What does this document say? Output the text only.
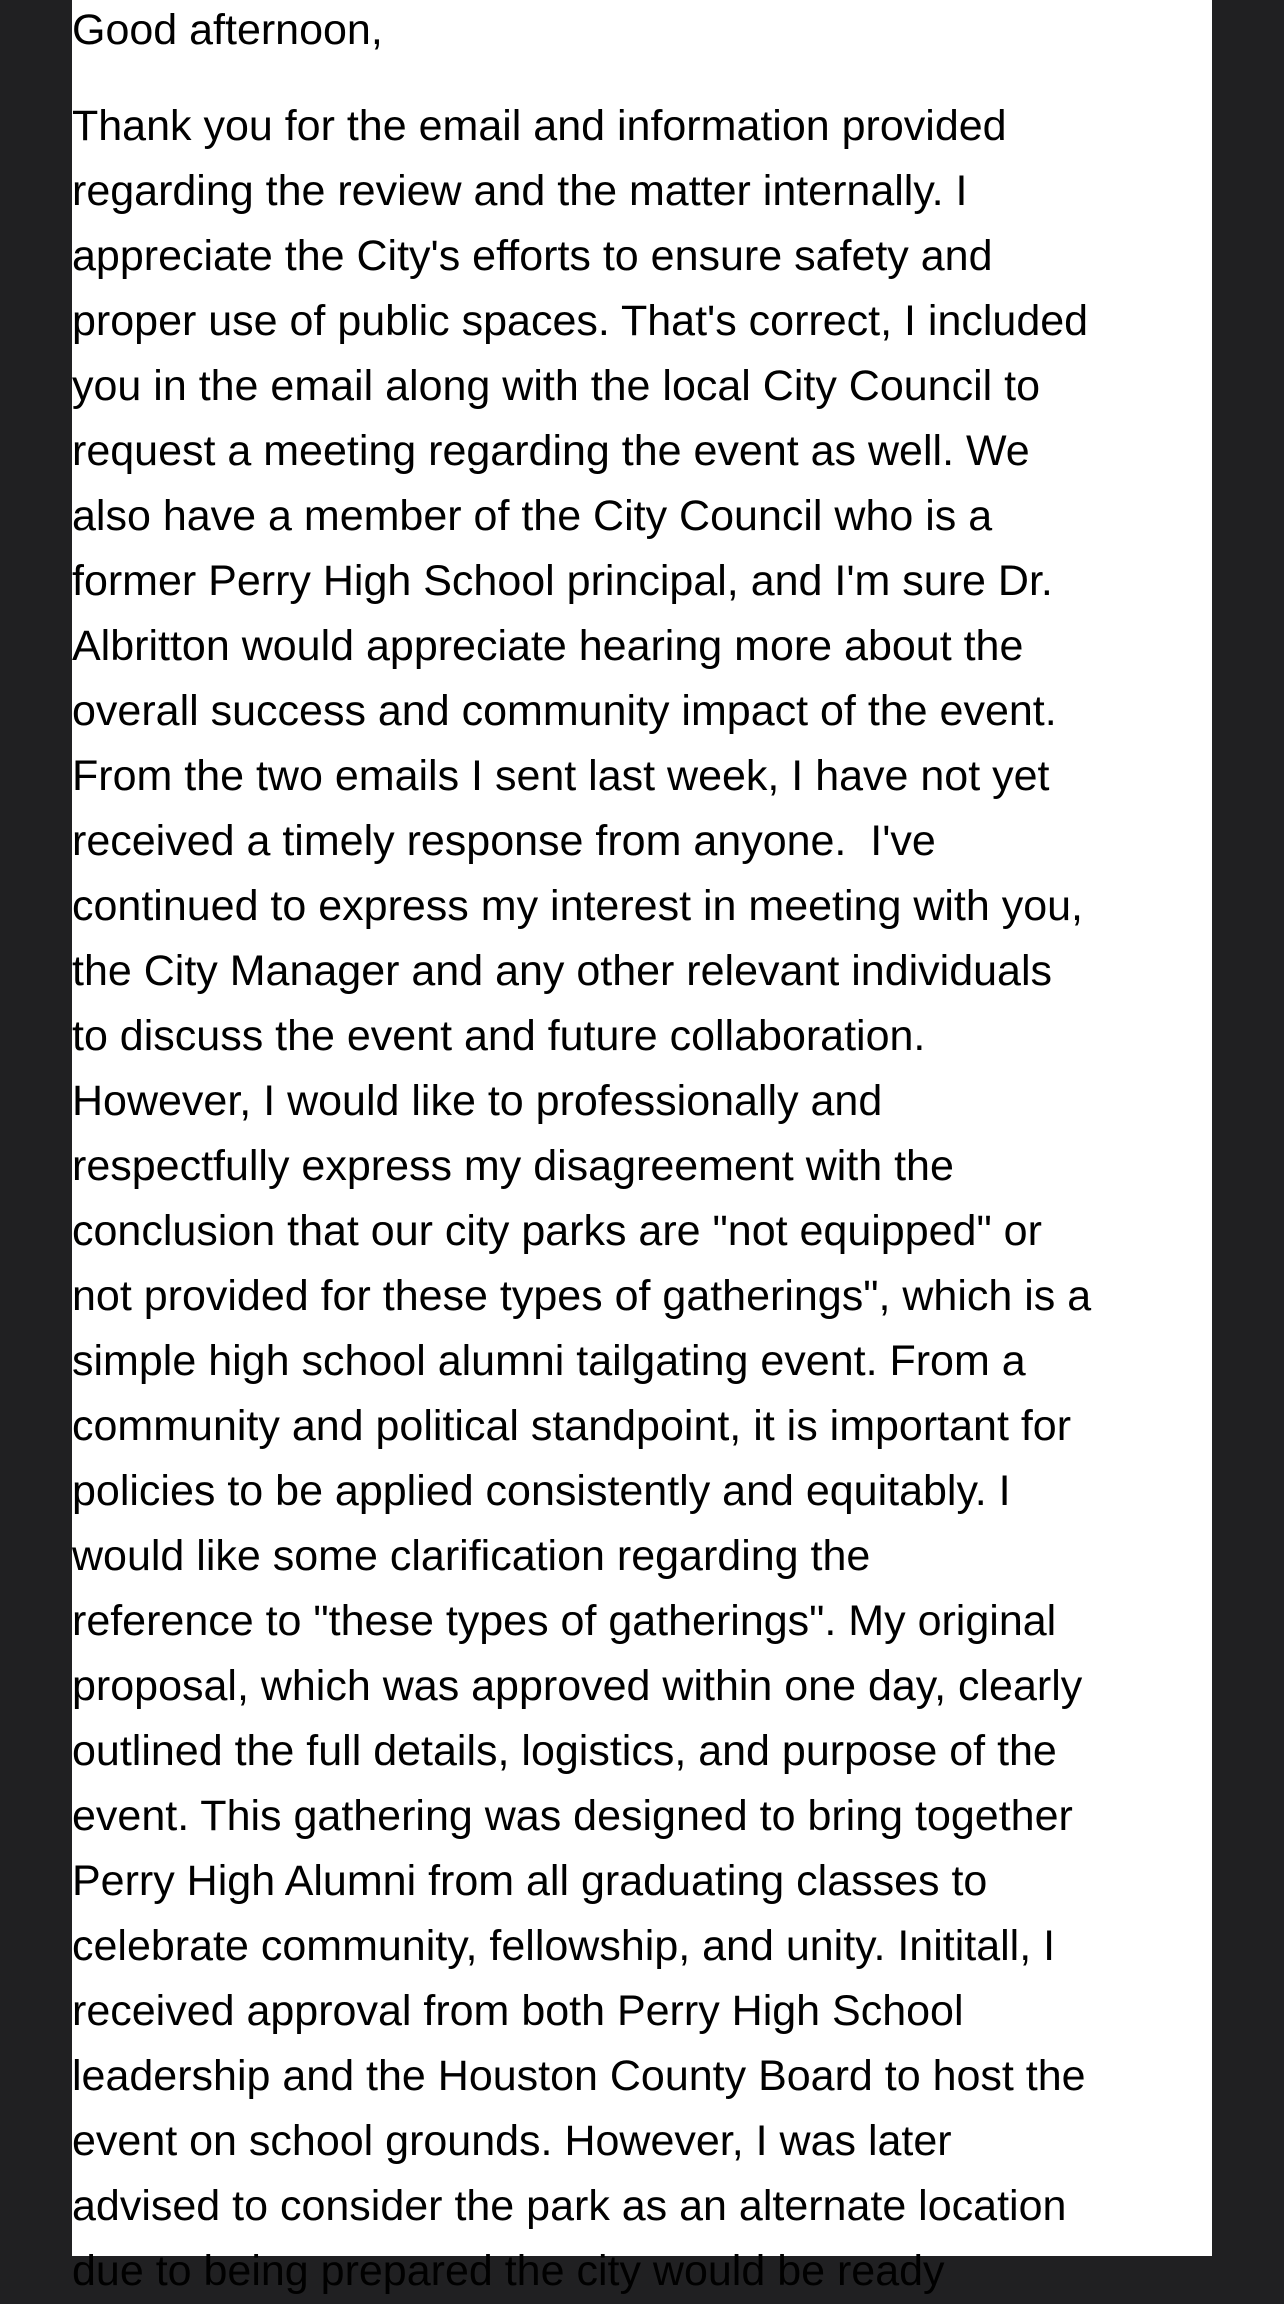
Good afternoon,

Thank you for the email and information provided
regarding the review and the matter internally. I
appreciate the City's efforts to ensure safety and
proper use of public spaces. That's correct, I included
you in the email along with the local City Council to
request a meeting regarding the event as well. We
also have a member of the City Council who is a
former Perry High School principal, and I'm sure Dr.
Albritton would appreciate hearing more about the
overall success and community impact of the event.
From the two emails I sent last week, I have not yet
received a timely response from anyone.  I've
continued to express my interest in meeting with you,
the City Manager and any other relevant individuals
to discuss the event and future collaboration.
However, I would like to professionally and
respectfully express my disagreement with the
conclusion that our city parks are "not equipped" or
not provided for these types of gatherings", which is a
simple high school alumni tailgating event. From a
community and political standpoint, it is important for
policies to be applied consistently and equitably. I
would like some clarification regarding the
reference to "these types of gatherings". My original
proposal, which was approved within one day, clearly
outlined the full details, logistics, and purpose of the
event. This gathering was designed to bring together
Perry High Alumni from all graduating classes to
celebrate community, fellowship, and unity. Inititall, I
received approval from both Perry High School
leadership and the Houston County Board to host the
event on school grounds. However, I was later
advised to consider the park as an alternate location
due to being prepared the city would be ready
